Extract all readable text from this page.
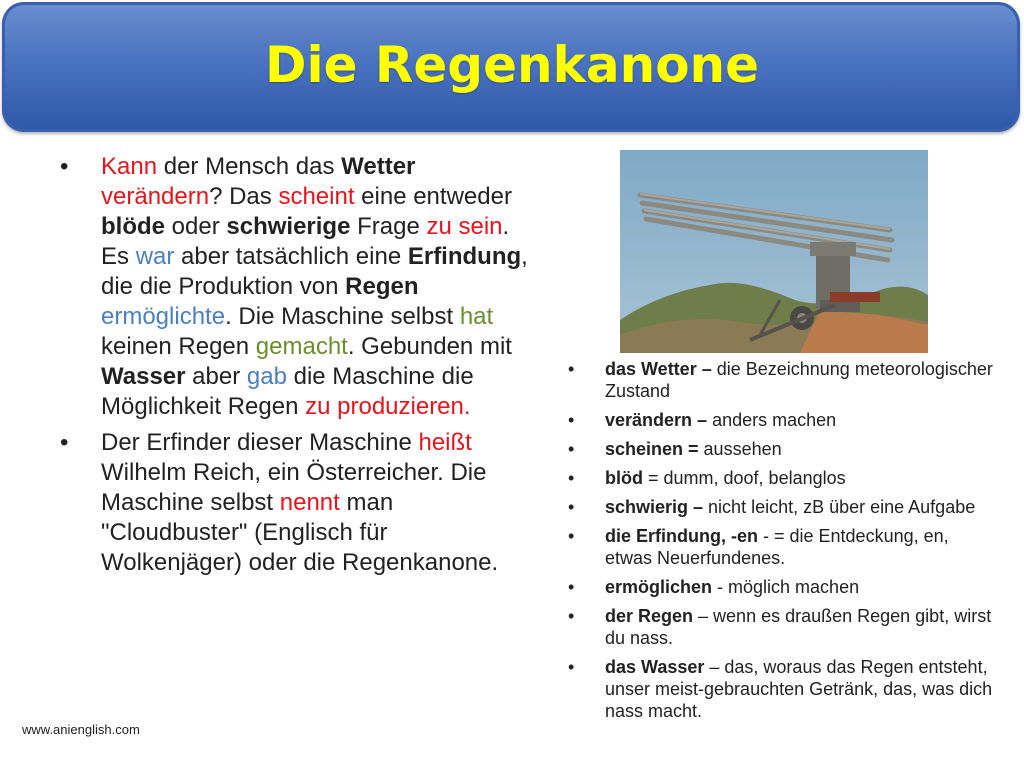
Die Regenkanone
• Kann der Mensch das Wetter verändern? Das scheint eine entweder blöde oder schwierige Frage zu sein. Es war aber tatsächlich eine Erfindung, die die Produktion von Regen ermöglichte. Die Maschine selbst hat keinen Regen gemacht. Gebunden mit Wasser aber gab die Maschine die Möglichkeit Regen zu produzieren.
• Der Erfinder dieser Maschine heißt Wilhelm Reich, ein Österreicher. Die Maschine selbst nennt man "Cloudbuster" (Englisch für Wolkenjäger) oder die Regenkanone.
• das Wetter – die Bezeichnung meteorologischer Zustand
• verändern – anders machen
• scheinen = aussehen
• blöd = dumm, doof, belanglos
• schwierig – nicht leicht, zB über eine Aufgabe
• die Erfindung, -en - = die Entdeckung, en, etwas Neuerfundenes.
• ermöglichen - möglich machen
• der Regen – wenn es draußen Regen gibt, wirst du nass.
• das Wasser – das, woraus das Regen entsteht, unser meist-gebrauchten Getränk, das, was dich nass macht.
www.anienglish.com
